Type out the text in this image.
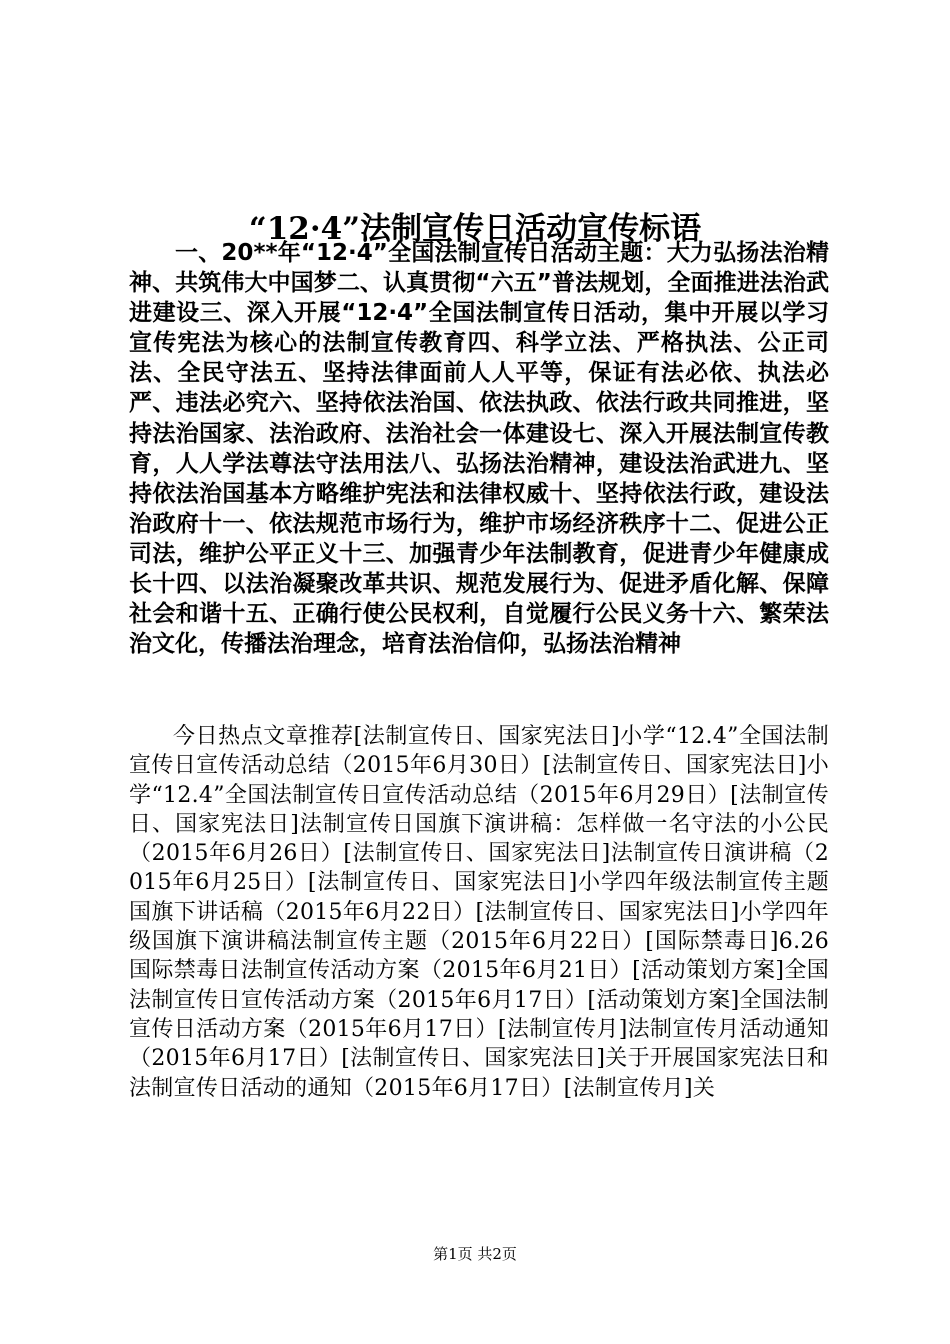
“12·4”法制宣传日活动宣传标语

一、20**年“12·4”全国法制宣传日活动主题：大力弘扬法治精神、共筑伟大中国梦二、认真贯彻“六五”普法规划，全面推进法治武进建设三、深入开展“12·4”全国法制宣传日活动，集中开展以学习宣传宪法为核心的法制宣传教育四、科学立法、严格执法、公正司法、全民守法五、坚持法律面前人人平等，保证有法必依、执法必严、违法必究六、坚持依法治国、依法执政、依法行政共同推进，坚持法治国家、法治政府、法治社会一体建设七、深入开展法制宣传教育，人人学法尊法守法用法八、弘扬法治精神，建设法治武进九、坚持依法治国基本方略维护宪法和法律权威十、坚持依法行政，建设法治政府十一、依法规范市场行为，维护市场经济秩序十二、促进公正司法，维护公平正义十三、加强青少年法制教育，促进青少年健康成长十四、以法治凝聚改革共识、规范发展行为、促进矛盾化解、保障社会和谐十五、正确行使公民权利，自觉履行公民义务十六、繁荣法治文化，传播法治理念，培育法治信仰，弘扬法治精神

今日热点文章推荐[法制宣传日、国家宪法日]小学“12.4”全国法制宣传日宣传活动总结（2015年6月30日）[法制宣传日、国家宪法日]小学“12.4”全国法制宣传日宣传活动总结（2015年6月29日）[法制宣传日、国家宪法日]法制宣传日国旗下演讲稿：怎样做一名守法的小公民（2015年6月26日）[法制宣传日、国家宪法日]法制宣传日演讲稿（2015年6月25日）[法制宣传日、国家宪法日]小学四年级法制宣传主题国旗下讲话稿（2015年6月22日）[法制宣传日、国家宪法日]小学四年级国旗下演讲稿法制宣传主题（2015年6月22日）[国际禁毒日]6.26国际禁毒日法制宣传活动方案（2015年6月21日）[活动策划方案]全国法制宣传日宣传活动方案（2015年6月17日）[活动策划方案]全国法制宣传日活动方案（2015年6月17日）[法制宣传月]法制宣传月活动通知（2015年6月17日）[法制宣传日、国家宪法日]关于开展国家宪法日和法制宣传日活动的通知（2015年6月17日）[法制宣传月]关

第1页 共2页
